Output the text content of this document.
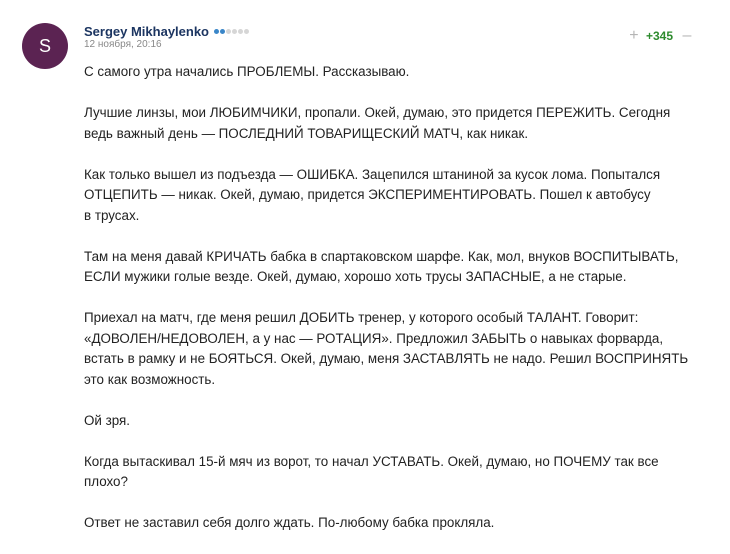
S
Sergey Mikhaylenko
12 ноября, 20:16
+ +345 –

С самого утра начались ПРОБЛЕМЫ. Рассказываю.

Лучшие линзы, мои ЛЮБИМЧИКИ, пропали. Окей, думаю, это придется ПЕРЕЖИТЬ. Сегодня
ведь важный день — ПОСЛЕДНИЙ ТОВАРИЩЕСКИЙ МАТЧ, как никак.

Как только вышел из подъезда — ОШИБКА. Зацепился штаниной за кусок лома. Попытался
ОТЦЕПИТЬ — никак. Окей, думаю, придется ЭКСПЕРИМЕНТИРОВАТЬ. Пошел к автобусу
в трусах.

Там на меня давай КРИЧАТЬ бабка в спартаковском шарфе. Как, мол, внуков ВОСПИТЫВАТЬ,
ЕСЛИ мужики голые везде. Окей, думаю, хорошо хоть трусы ЗАПАСНЫЕ, а не старые.

Приехал на матч, где меня решил ДОБИТЬ тренер, у которого особый ТАЛАНТ. Говорит:
«ДОВОЛЕН/НЕДОВОЛЕН, а у нас — РОТАЦИЯ». Предложил ЗАБЫТЬ о навыках форварда,
встать в рамку и не БОЯТЬСЯ. Окей, думаю, меня ЗАСТАВЛЯТЬ не надо. Решил ВОСПРИНЯТЬ
это как возможность.

Ой зря.

Когда вытаскивал 15-й мяч из ворот, то начал УСТАВАТЬ. Окей, думаю, но ПОЧЕМУ так все
плохо?

Ответ не заставил себя долго ждать. По-любому бабка прокляла.
